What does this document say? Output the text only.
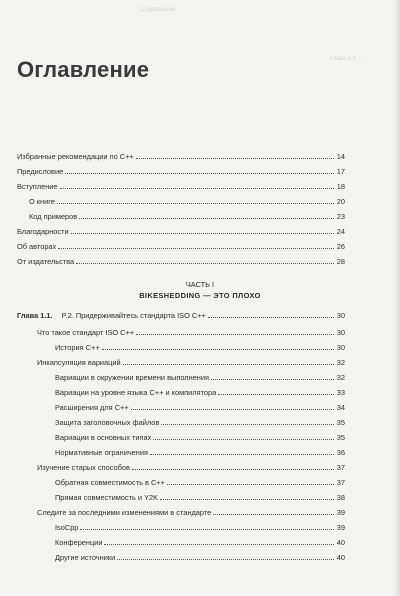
Содержание
Глава 1.1 …
Оглавление
Избранные рекомендации по C++	14
Предисловие	17
Вступление	18
О книге	20
Код примеров	23
Благодарности	24
Об авторах	26
От издательства	28
ЧАСТЬ I
BIKESHEDDING — ЭТО ПЛОХО
Глава 1.1. P.2. Придерживайтесь стандарта ISO C++	30
Что такое стандарт ISO C++	30
История C++	30
Инкапсуляция вариаций	32
Вариации в окружении времени выполнения	32
Вариации на уровне языка C++ и компилятора	33
Расширения для C++	34
Защита заголовочных файлов	35
Вариации в основных типах	35
Нормативные ограничения	36
Изучение старых способов	37
Обратная совместимость в C++	37
Прямая совместимость и Y2K	38
Следите за последними изменениями в стандарте	39
IsoCpp	39
Конференции	40
Другие источники	40
